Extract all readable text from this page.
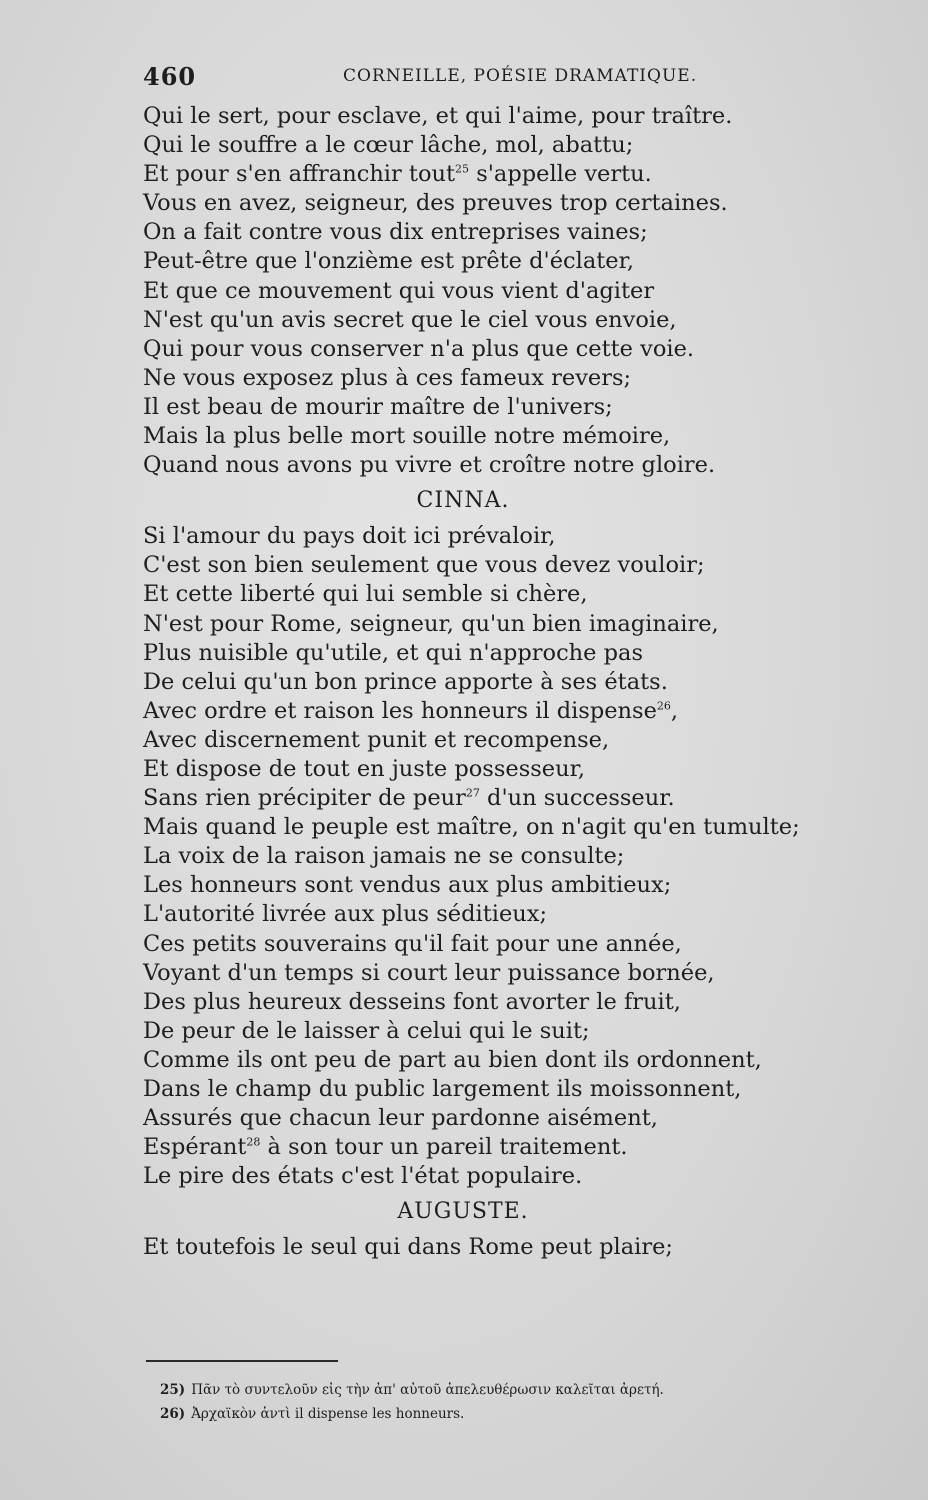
460	CORNEILLE, POÉSIE DRAMATIQUE.
Qui le sert, pour esclave, et qui l'aime, pour traître.
Qui le souffre a le cœur lâche, mol, abattu;
Et pour s'en affranchir tout$^{25}$ s'appelle vertu.
Vous en avez, seigneur, des preuves trop certaines.
On a fait contre vous dix entreprises vaines;
Peut-être que l'onzième est prête d'éclater,
Et que ce mouvement qui vous vient d'agiter
N'est qu'un avis secret que le ciel vous envoie,
Qui pour vous conserver n'a plus que cette voie.
Ne vous exposez plus à ces fameux revers;
Il est beau de mourir maître de l'univers;
Mais la plus belle mort souille notre mémoire,
Quand nous avons pu vivre et croître notre gloire.
CINNA.
Si l'amour du pays doit ici prévaloir,
C'est son bien seulement que vous devez vouloir;
Et cette liberté qui lui semble si chère,
N'est pour Rome, seigneur, qu'un bien imaginaire,
Plus nuisible qu'utile, et qui n'approche pas
De celui qu'un bon prince apporte à ses états.
Avec ordre et raison les honneurs il dispense$^{26}$,
Avec discernement punit et recompense,
Et dispose de tout en juste possesseur,
Sans rien précipiter de peur$^{27}$ d'un successeur.
Mais quand le peuple est maître, on n'agit qu'en tumulte;
La voix de la raison jamais ne se consulte;
Les honneurs sont vendus aux plus ambitieux;
L'autorité livrée aux plus séditieux;
Ces petits souverains qu'il fait pour une année,
Voyant d'un temps si court leur puissance bornée,
Des plus heureux desseins font avorter le fruit,
De peur de le laisser à celui qui le suit;
Comme ils ont peu de part au bien dont ils ordonnent,
Dans le champ du public largement ils moissonnent,
Assurés que chacun leur pardonne aisément,
Espérant$^{28}$ à son tour un pareil traitement.
Le pire des états c'est l'état populaire.
AUGUSTE.
Et toutefois le seul qui dans Rome peut plaire;
25) Πᾶν τὸ συντελοῦν εἰς τὴν ἀπ' αὐτοῦ ἀπελευθέρωσιν καλεῖται ἀρετή.
26) Ἀρχαϊκὸν ἀντὶ il dispense les honneurs.
